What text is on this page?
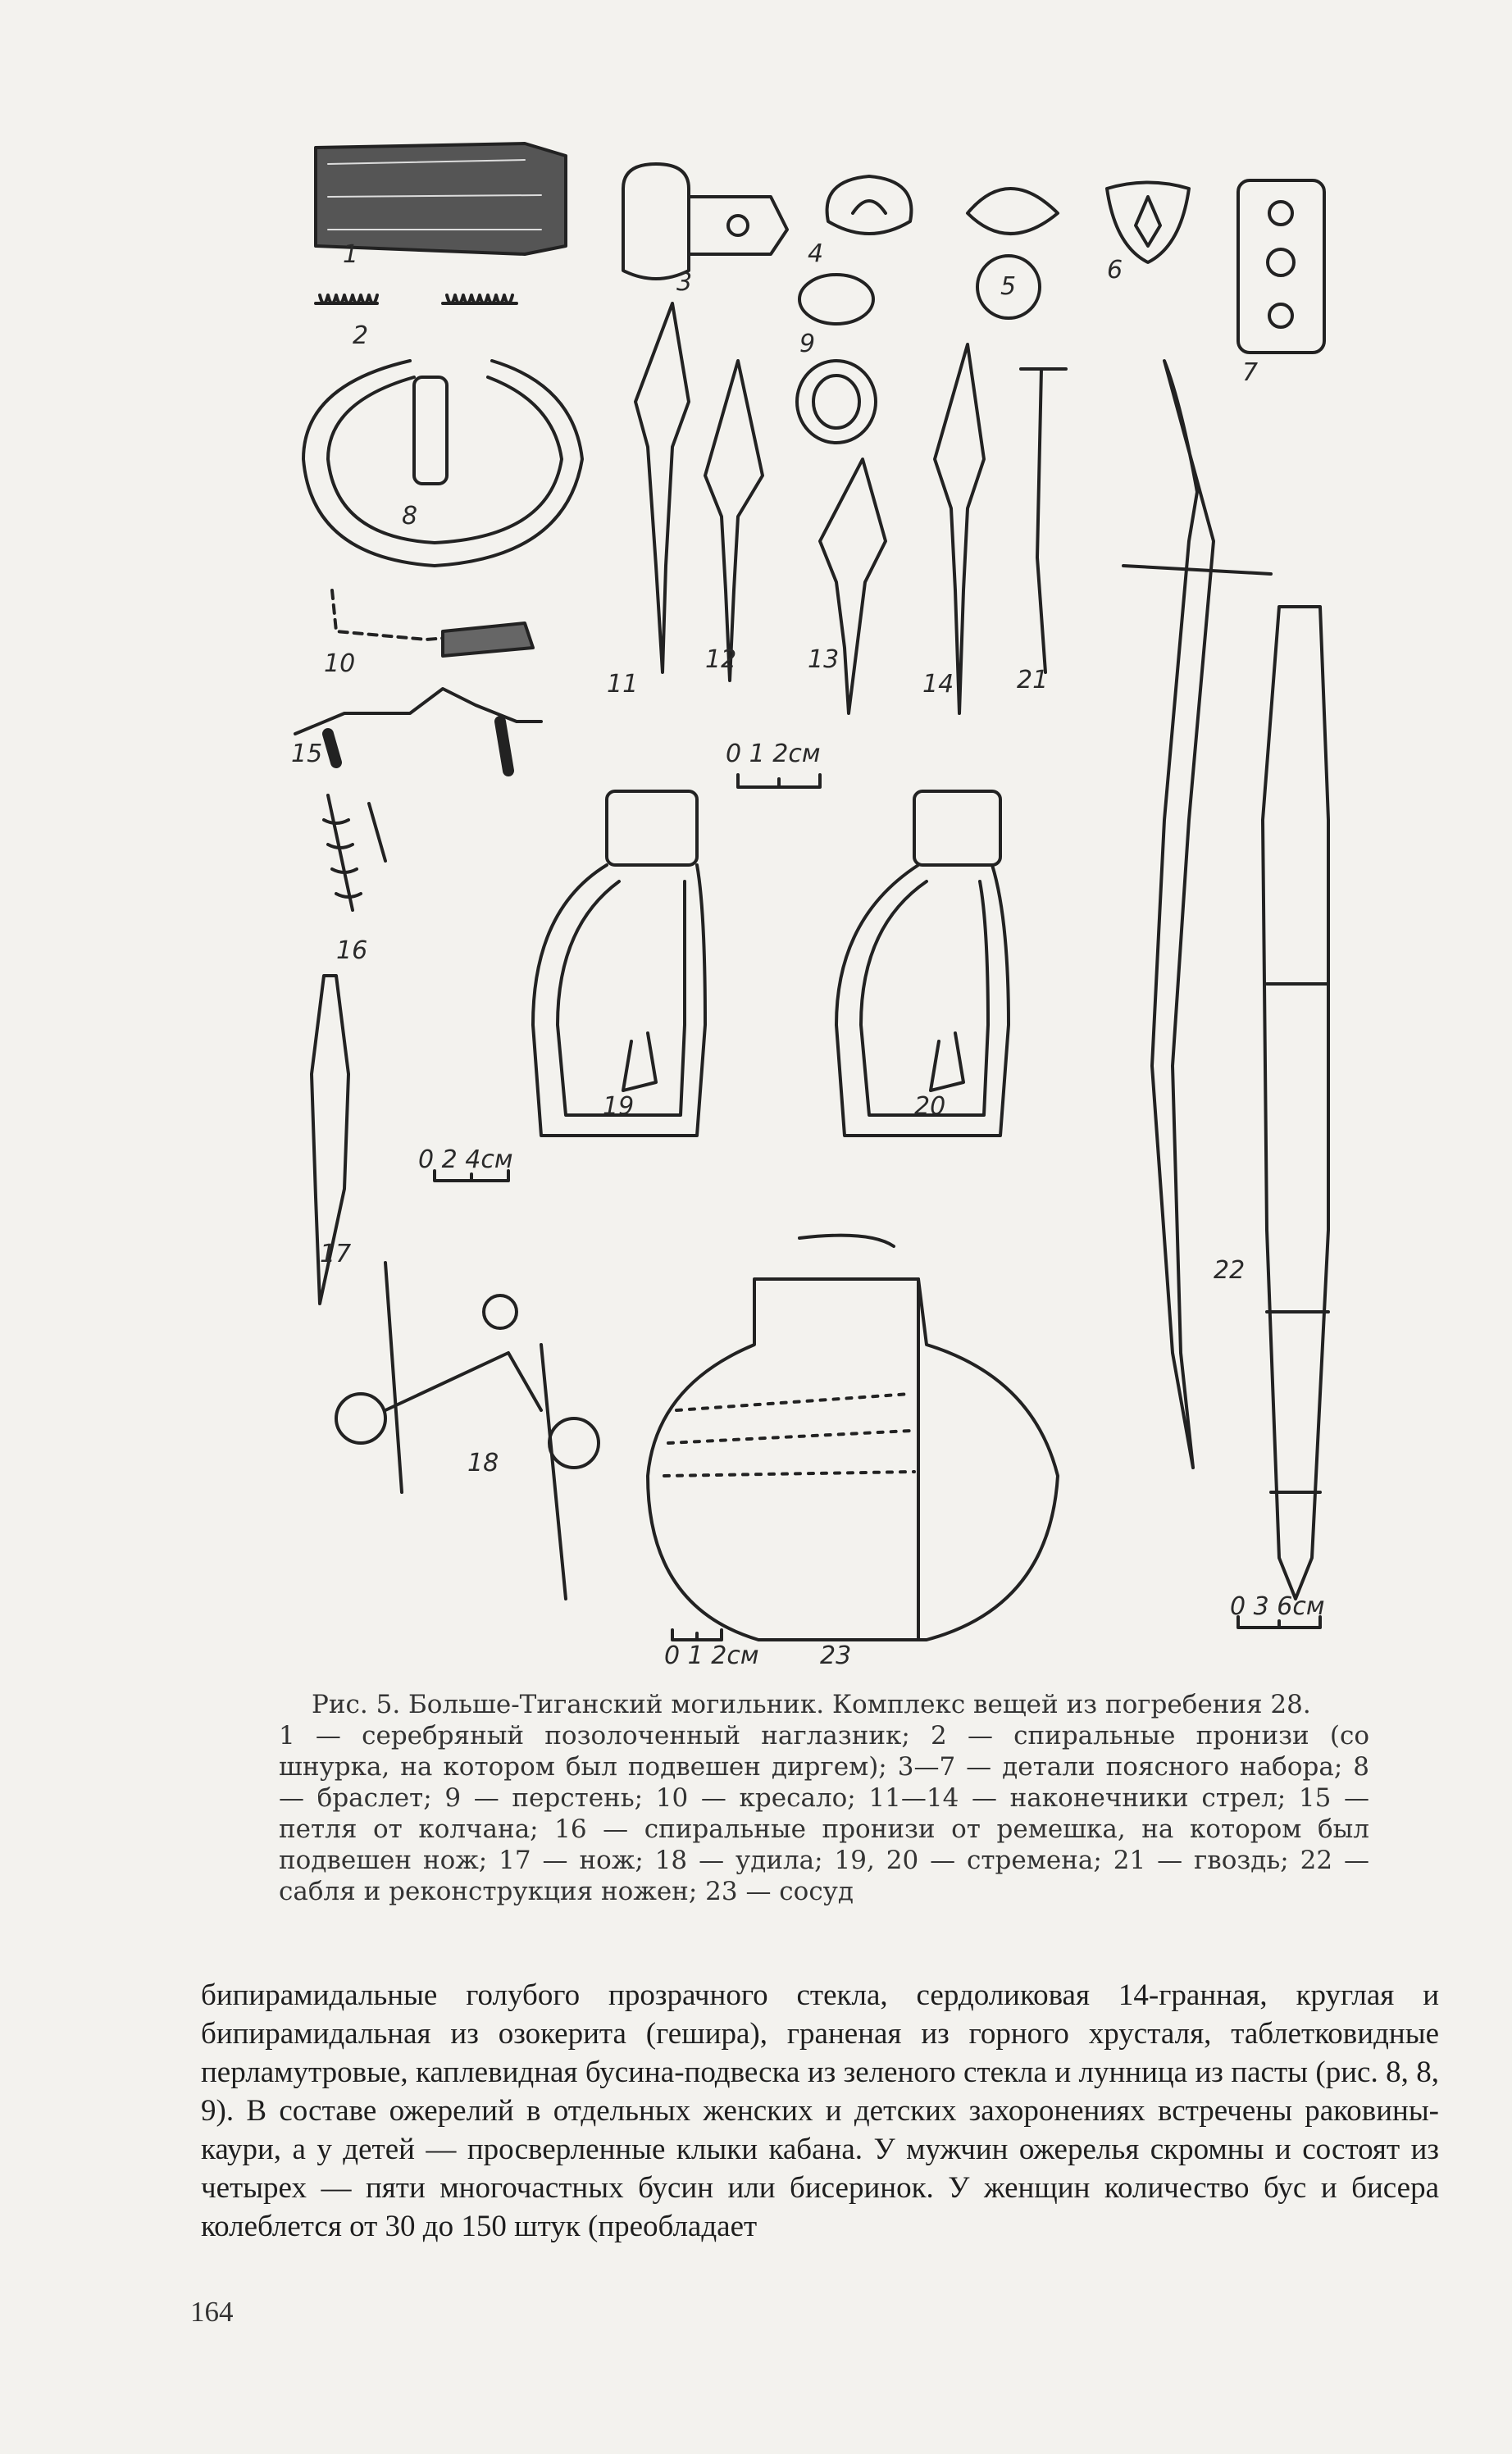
1
2
3
4
5
6
7
8
9
10
11
12	13
14
15
16
17
18
19	20
21
22
23
0 1 2см
0 2 4см
0 1 2см
0 3 6см
Рис. 5. Больше-Тиганский могильник. Комплекс вещей из погребения 28.
1 — серебряный позолоченный наглазник; 2 — спиральные пронизи (со шнурка, на котором был подвешен диргем); 3—7 — детали поясного набора; 8 — браслет; 9 — перстень; 10 — кресало; 11—14 — наконечники стрел; 15 — петля от колчана; 16 — спиральные пронизи от ремешка, на котором был подвешен нож; 17 — нож; 18 — удила; 19, 20 — стремена; 21 — гвоздь; 22 — сабля и реконструкция ножен; 23 — сосуд
бипирамидальные голубого прозрачного стекла, сердоликовая 14-гранная, круглая и бипирамидальная из озокерита (гешира), граненая из горного хрусталя, таблетковидные перламутровые, каплевидная бусина-подвеска из зеленого стекла и лунница из пасты (рис. 8, 8, 9). В составе ожерелий в отдельных женских и детских захоронениях встречены раковины-каури, а у детей — просверленные клыки кабана. У мужчин ожерелья скромны и состоят из четырех — пяти многочастных бусин или бисеринок. У женщин количество бус и бисера колеблется от 30 до 150 штук (преобладает
164
